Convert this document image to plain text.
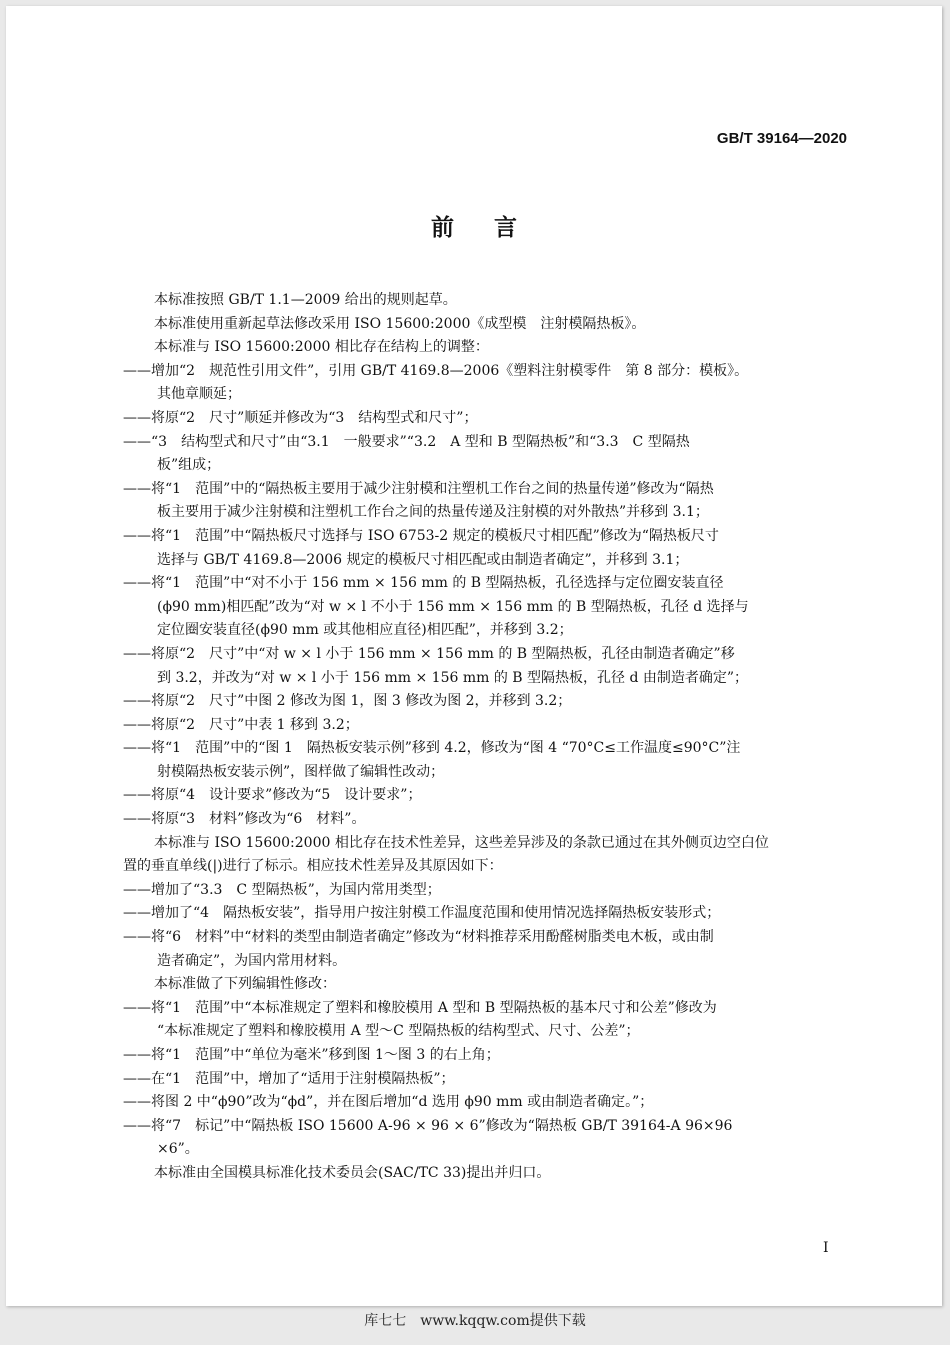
GB/T 39164—2020
前言
本标准按照 GB/T 1.1—2009 给出的规则起草。
本标准使用重新起草法修改采用 ISO 15600:2000《成型模　注射模隔热板》。
本标准与 ISO 15600:2000 相比存在结构上的调整：
——增加“2　规范性引用文件”，引用 GB/T 4169.8—2006《塑料注射模零件　第 8 部分：模板》。
其他章顺延；
——将原“2　尺寸”顺延并修改为“3　结构型式和尺寸”；
——“3　结构型式和尺寸”由“3.1　一般要求”“3.2　A 型和 B 型隔热板”和“3.3　C 型隔热
板”组成；
——将“1　范围”中的“隔热板主要用于减少注射模和注塑机工作台之间的热量传递”修改为“隔热
板主要用于减少注射模和注塑机工作台之间的热量传递及注射模的对外散热”并移到 3.1；
——将“1　范围”中“隔热板尺寸选择与 ISO 6753-2 规定的模板尺寸相匹配”修改为“隔热板尺寸
选择与 GB/T 4169.8—2006 规定的模板尺寸相匹配或由制造者确定”，并移到 3.1；
——将“1　范围”中“对不小于 156 mm × 156 mm 的 B 型隔热板，孔径选择与定位圈安装直径
(ϕ90 mm)相匹配”改为“对 w × l 不小于 156 mm × 156 mm 的 B 型隔热板，孔径 d 选择与
定位圈安装直径(ϕ90 mm 或其他相应直径)相匹配”，并移到 3.2；
——将原“2　尺寸”中“对 w × l 小于 156 mm × 156 mm 的 B 型隔热板，孔径由制造者确定”移
到 3.2，并改为“对 w × l 小于 156 mm × 156 mm 的 B 型隔热板，孔径 d 由制造者确定”；
——将原“2　尺寸”中图 2 修改为图 1，图 3 修改为图 2，并移到 3.2；
——将原“2　尺寸”中表 1 移到 3.2；
——将“1　范围”中的“图 1　隔热板安装示例”移到 4.2，修改为“图 4 “70°C≤工作温度≤90°C”注
射模隔热板安装示例”，图样做了编辑性改动；
——将原“4　设计要求”修改为“5　设计要求”；
——将原“3　材料”修改为“6　材料”。
本标准与 ISO 15600:2000 相比存在技术性差异，这些差异涉及的条款已通过在其外侧页边空白位
置的垂直单线(|)进行了标示。相应技术性差异及其原因如下：
——增加了“3.3　C 型隔热板”，为国内常用类型；
——增加了“4　隔热板安装”，指导用户按注射模工作温度范围和使用情况选择隔热板安装形式；
——将“6　材料”中“材料的类型由制造者确定”修改为“材料推荐采用酚醛树脂类电木板，或由制
造者确定”，为国内常用材料。
本标准做了下列编辑性修改：
——将“1　范围”中“本标准规定了塑料和橡胶模用 A 型和 B 型隔热板的基本尺寸和公差”修改为
“本标准规定了塑料和橡胶模用 A 型～C 型隔热板的结构型式、尺寸、公差”；
——将“1　范围”中“单位为毫米”移到图 1～图 3 的右上角；
——在“1　范围”中，增加了“适用于注射模隔热板”；
——将图 2 中“ϕ90”改为“ϕd”，并在图后增加“d 选用 ϕ90 mm 或由制造者确定。”；
——将“7　标记”中“隔热板 ISO 15600 A-96 × 96 × 6”修改为“隔热板 GB/T 39164-A 96×96
×6”。
本标准由全国模具标准化技术委员会(SAC/TC 33)提出并归口。
I
库七七　www.kqqw.com提供下载
